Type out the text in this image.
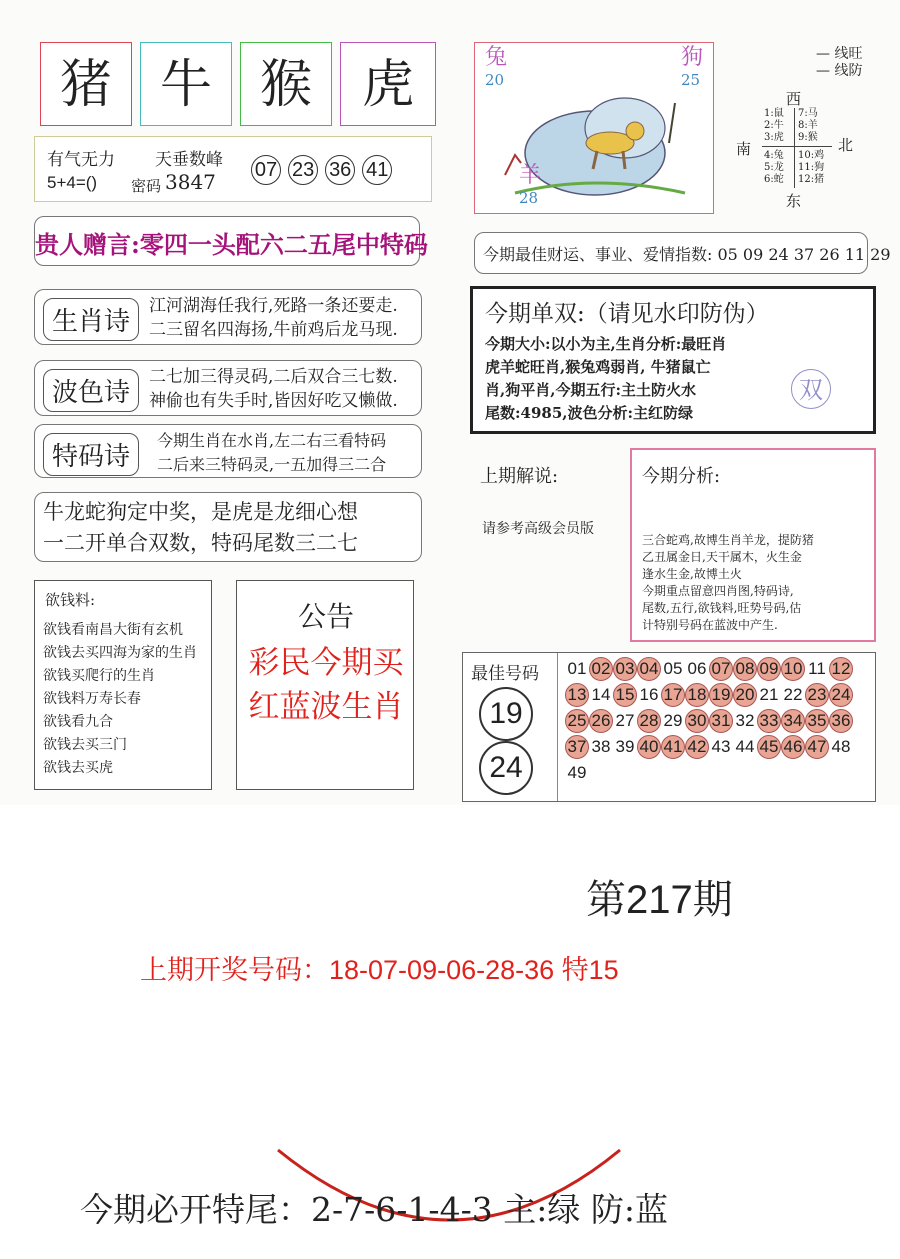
猪 牛 猴 虎
有气无力 天垂数峰
5+4=() 密码 3847 07 23 36 41
贵人赠言:零四一头配六二五尾中特码
生肖诗
江河湖海任我行,死路一条还要走.
二三留名四海扬,牛前鸡后龙马现.
波色诗
二七加三得灵码,二后双合三七数.
神偷也有失手时,皆因好吃又懒做.
特码诗
今期生肖在水肖,左二右三看特码
二后来三特码灵,一五加得三二合
牛龙蛇狗定中奖，是虎是龙细心想
一二开单合双数，特码尾数三二七
欲钱料:
欲钱看南昌大街有玄机
欲钱去买四海为家的生肖
欲钱买爬行的生肖
欲钱料万寿长春
欲钱看九合
欲钱去买三门
欲钱去买虎
公告
彩民今期买
红蓝波生肖
兔
20
狗
25
羊
28
— 线旺
— 线防
西
南	北
东
1:鼠
2:牛
3:虎
4:兔
5:龙
6:蛇
7:马
8:羊
9:猴
10:鸡
11:狗
12:猪
今期最佳财运、事业、爱情指数: 05 09 24 37 26 11 29
今期单双:（请见水印防伪）
今期大小:以小为主,生肖分析:最旺肖
虎羊蛇旺肖,猴兔鸡弱肖, 牛猪鼠亡
肖,狗平肖,今期五行:主土防火水
尾数:4985,波色分析:主红防绿
双
上期解说:
请参考高级会员版
今期分析:
三合蛇鸡,故博生肖羊龙，提防猪
乙丑属金日,天干属木，火生金
逢水生金,故博土火
今期重点留意四肖图,特码诗,
尾数,五行,欲钱料,旺势号码,估
计特别号码在蓝波中产生.
最佳号码
19
24
01 02 03 04 05 06 07 08 09 10 11 1213 14 15 16 17 18 19 20 21 22 23 2425 26 27 28 29 30 31 32 33 34 35 3637 38 39 40 41 42 43 44 45 46 47 4849
第217期
上期开奖号码：18-07-09-06-28-36 特15
今期必开特尾：2-7-6-1-4-3 主:绿 防:蓝
